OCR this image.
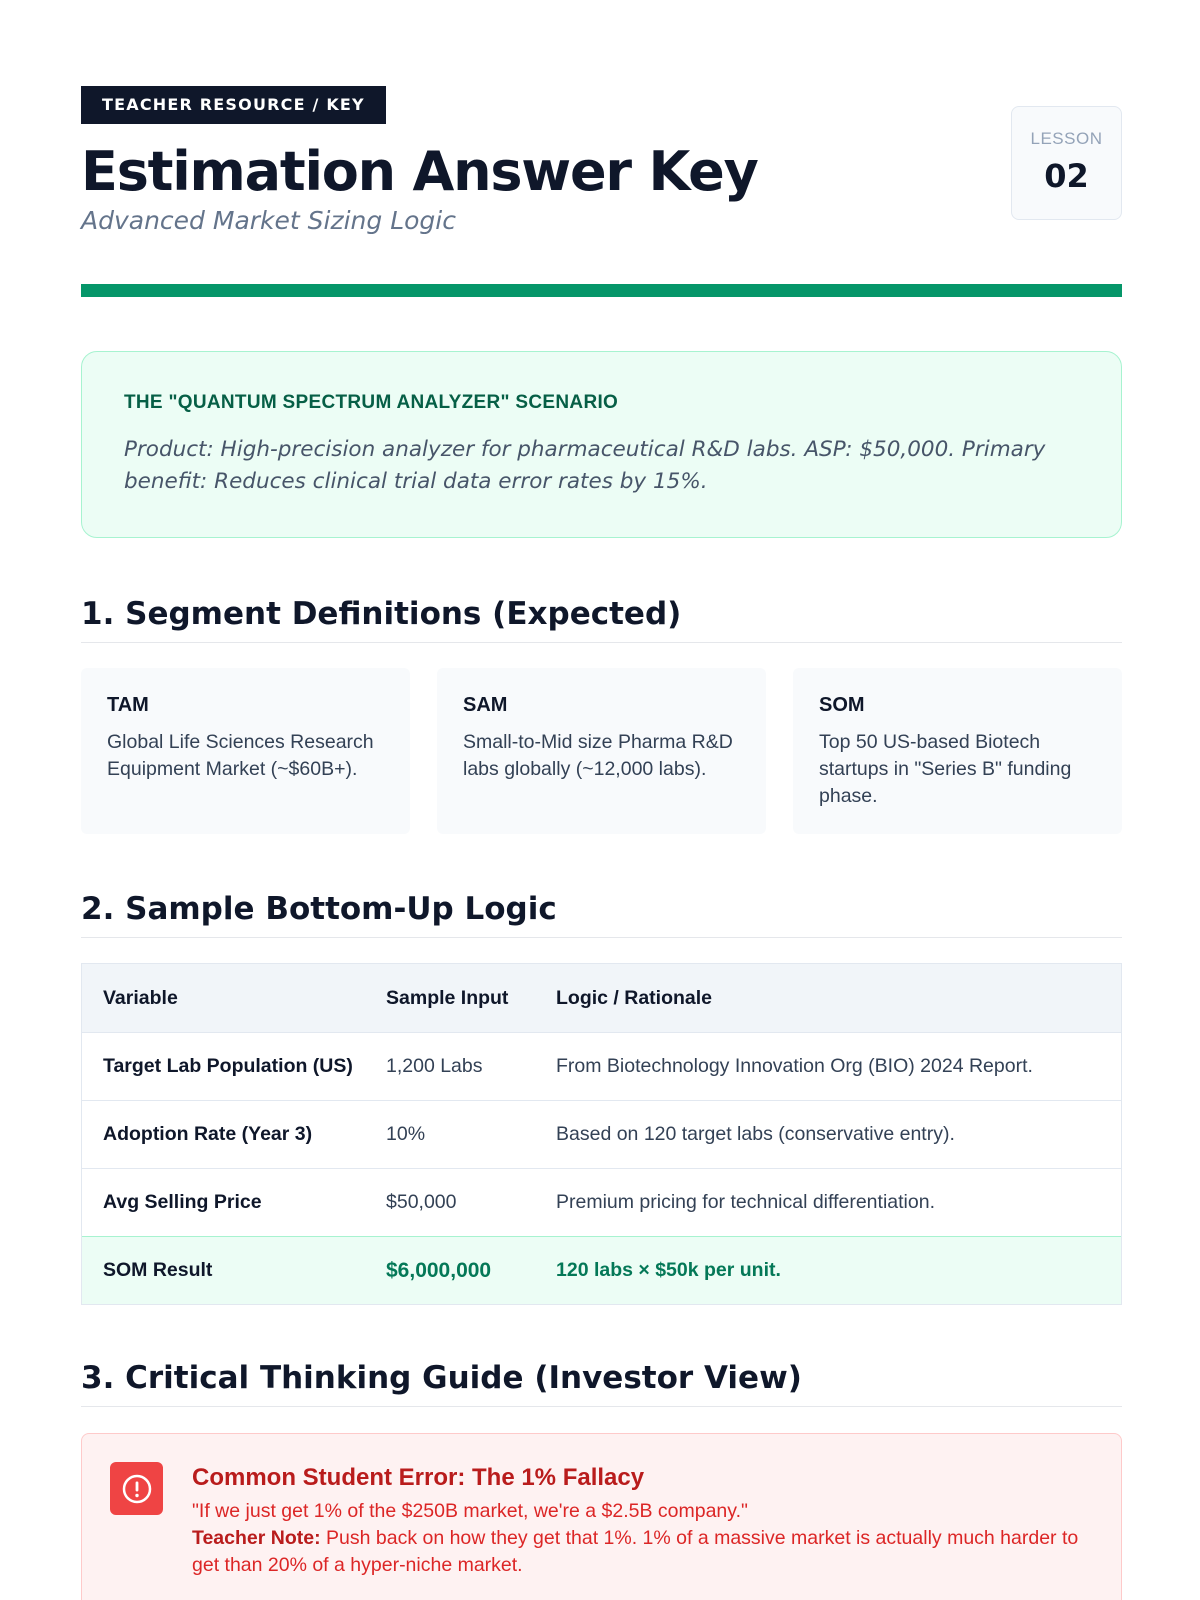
TEACHER RESOURCE / KEY
Estimation Answer Key
Advanced Market Sizing Logic
LESSON
02
THE "QUANTUM SPECTRUM ANALYZER" SCENARIO
Product: High-precision analyzer for pharmaceutical R&D labs. ASP: $50,000. Primary benefit: Reduces clinical trial data error rates by 15%.
1. Segment Definitions (Expected)
TAM
Global Life Sciences Research Equipment Market (~$60B+).
SAM
Small-to-Mid size Pharma R&D labs globally (~12,000 labs).
SOM
Top 50 US-based Biotech startups in "Series B" funding phase.
2. Sample Bottom-Up Logic
Variable	Sample Input	Logic / Rationale
Target Lab Population (US)	1,200 Labs	From Biotechnology Innovation Org (BIO) 2024 Report.
Adoption Rate (Year 3)	10%	Based on 120 target labs (conservative entry).
Avg Selling Price	$50,000	Premium pricing for technical differentiation.
SOM Result	$6,000,000	120 labs × $50k per unit.
3. Critical Thinking Guide (Investor View)
Common Student Error: The 1% Fallacy
"If we just get 1% of the $250B market, we're a $2.5B company."
Teacher Note: Push back on how they get that 1%. 1% of a massive market is actually much harder to get than 20% of a hyper-niche market.
